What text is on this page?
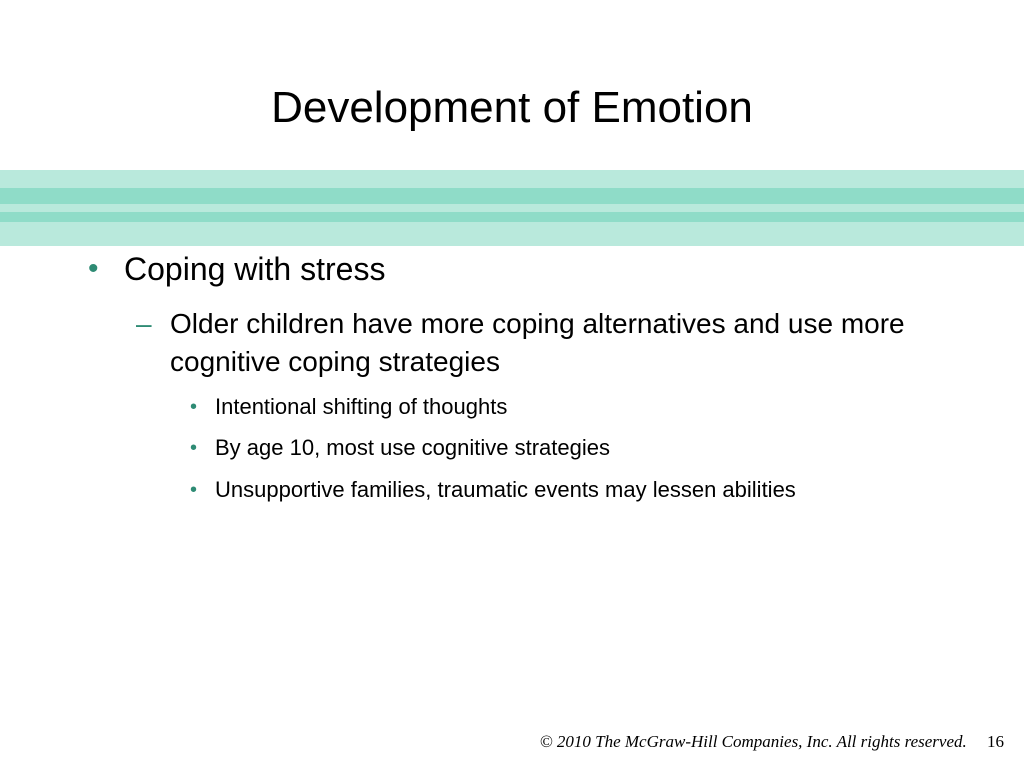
Development of Emotion
• Coping with stress
– Older children have more coping alternatives and use more cognitive coping strategies
• Intentional shifting of thoughts
• By age 10, most use cognitive strategies
• Unsupportive families, traumatic events may lessen abilities
© 2010 The McGraw-Hill Companies, Inc. All rights reserved. 16
